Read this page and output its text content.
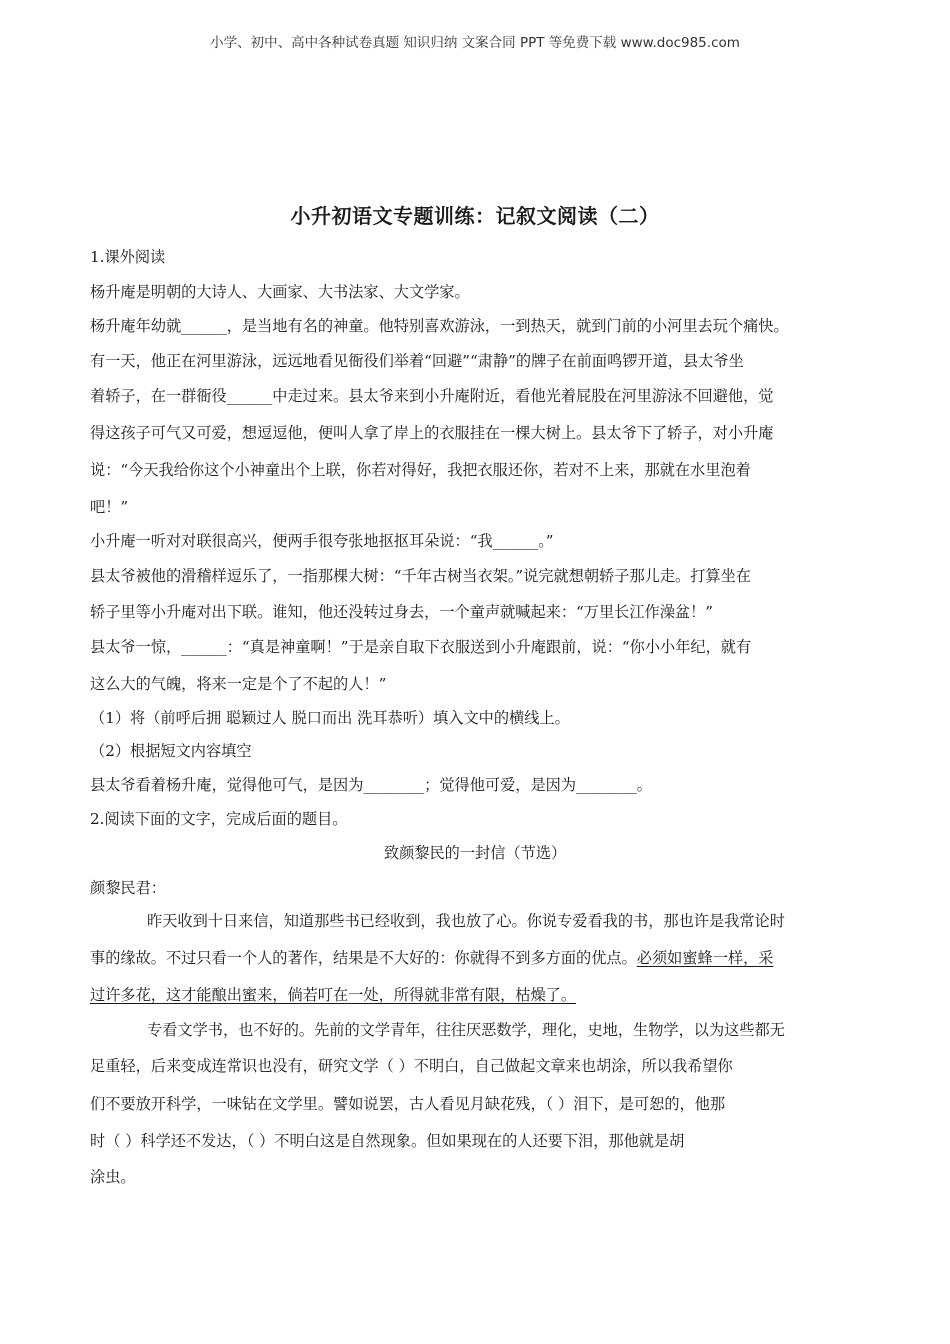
小学、初中、高中各种试卷真题 知识归纳 文案合同 PPT 等免费下载 www.doc985.com
小升初语文专题训练：记叙文阅读（二）
1.课外阅读
杨升庵是明朝的大诗人、大画家、大书法家、大文学家。
杨升庵年幼就______，是当地有名的神童。他特别喜欢游泳，一到热天，就到门前的小河里去玩个痛快。
有一天，他正在河里游泳，远远地看见衙役们举着“回避”“肃静”的牌子在前面鸣锣开道，县太爷坐
着轿子，在一群衙役______中走过来。县太爷来到小升庵附近，看他光着屁股在河里游泳不回避他，觉
得这孩子可气又可爱，想逗逗他，便叫人拿了岸上的衣服挂在一棵大树上。县太爷下了轿子，对小升庵
说：“今天我给你这个小神童出个上联，你若对得好，我把衣服还你，若对不上来，那就在水里泡着
吧！”
小升庵一听对对联很高兴，便两手很夸张地抠抠耳朵说：“我______。”
县太爷被他的滑稽样逗乐了，一指那棵大树：“千年古树当衣架。”说完就想朝轿子那儿走。打算坐在
轿子里等小升庵对出下联。谁知，他还没转过身去，一个童声就喊起来：“万里长江作澡盆！”
县太爷一惊，______：“真是神童啊！”于是亲自取下衣服送到小升庵跟前，说：“你小小年纪，就有
这么大的气魄，将来一定是个了不起的人！”
（1）将（前呼后拥 聪颖过人 脱口而出 洗耳恭听）填入文中的横线上。
（2）根据短文内容填空
县太爷看着杨升庵，觉得他可气，是因为________；觉得他可爱，是因为________。
2.阅读下面的文字，完成后面的题目。
致颜黎民的一封信（节选）
颜黎民君：
昨天收到十日来信，知道那些书已经收到，我也放了心。你说专爱看我的书，那也许是我常论时
事的缘故。不过只看一个人的著作，结果是不大好的：你就得不到多方面的优点。必须如蜜蜂一样，采
过许多花，这才能酿出蜜来，倘若叮在一处，所得就非常有限，枯燥了。
专看文学书，也不好的。先前的文学青年，往往厌恶数学，理化，史地，生物学，以为这些都无
足重轻，后来变成连常识也没有，研究文学（ ）不明白，自己做起文章来也胡涂，所以我希望你
们不要放开科学，一味钻在文学里。譬如说罢，古人看见月缺花残，（ ）泪下，是可恕的，他那
时（ ）科学还不发达，（ ）不明白这是自然现象。但如果现在的人还要下泪，那他就是胡
涂虫。
